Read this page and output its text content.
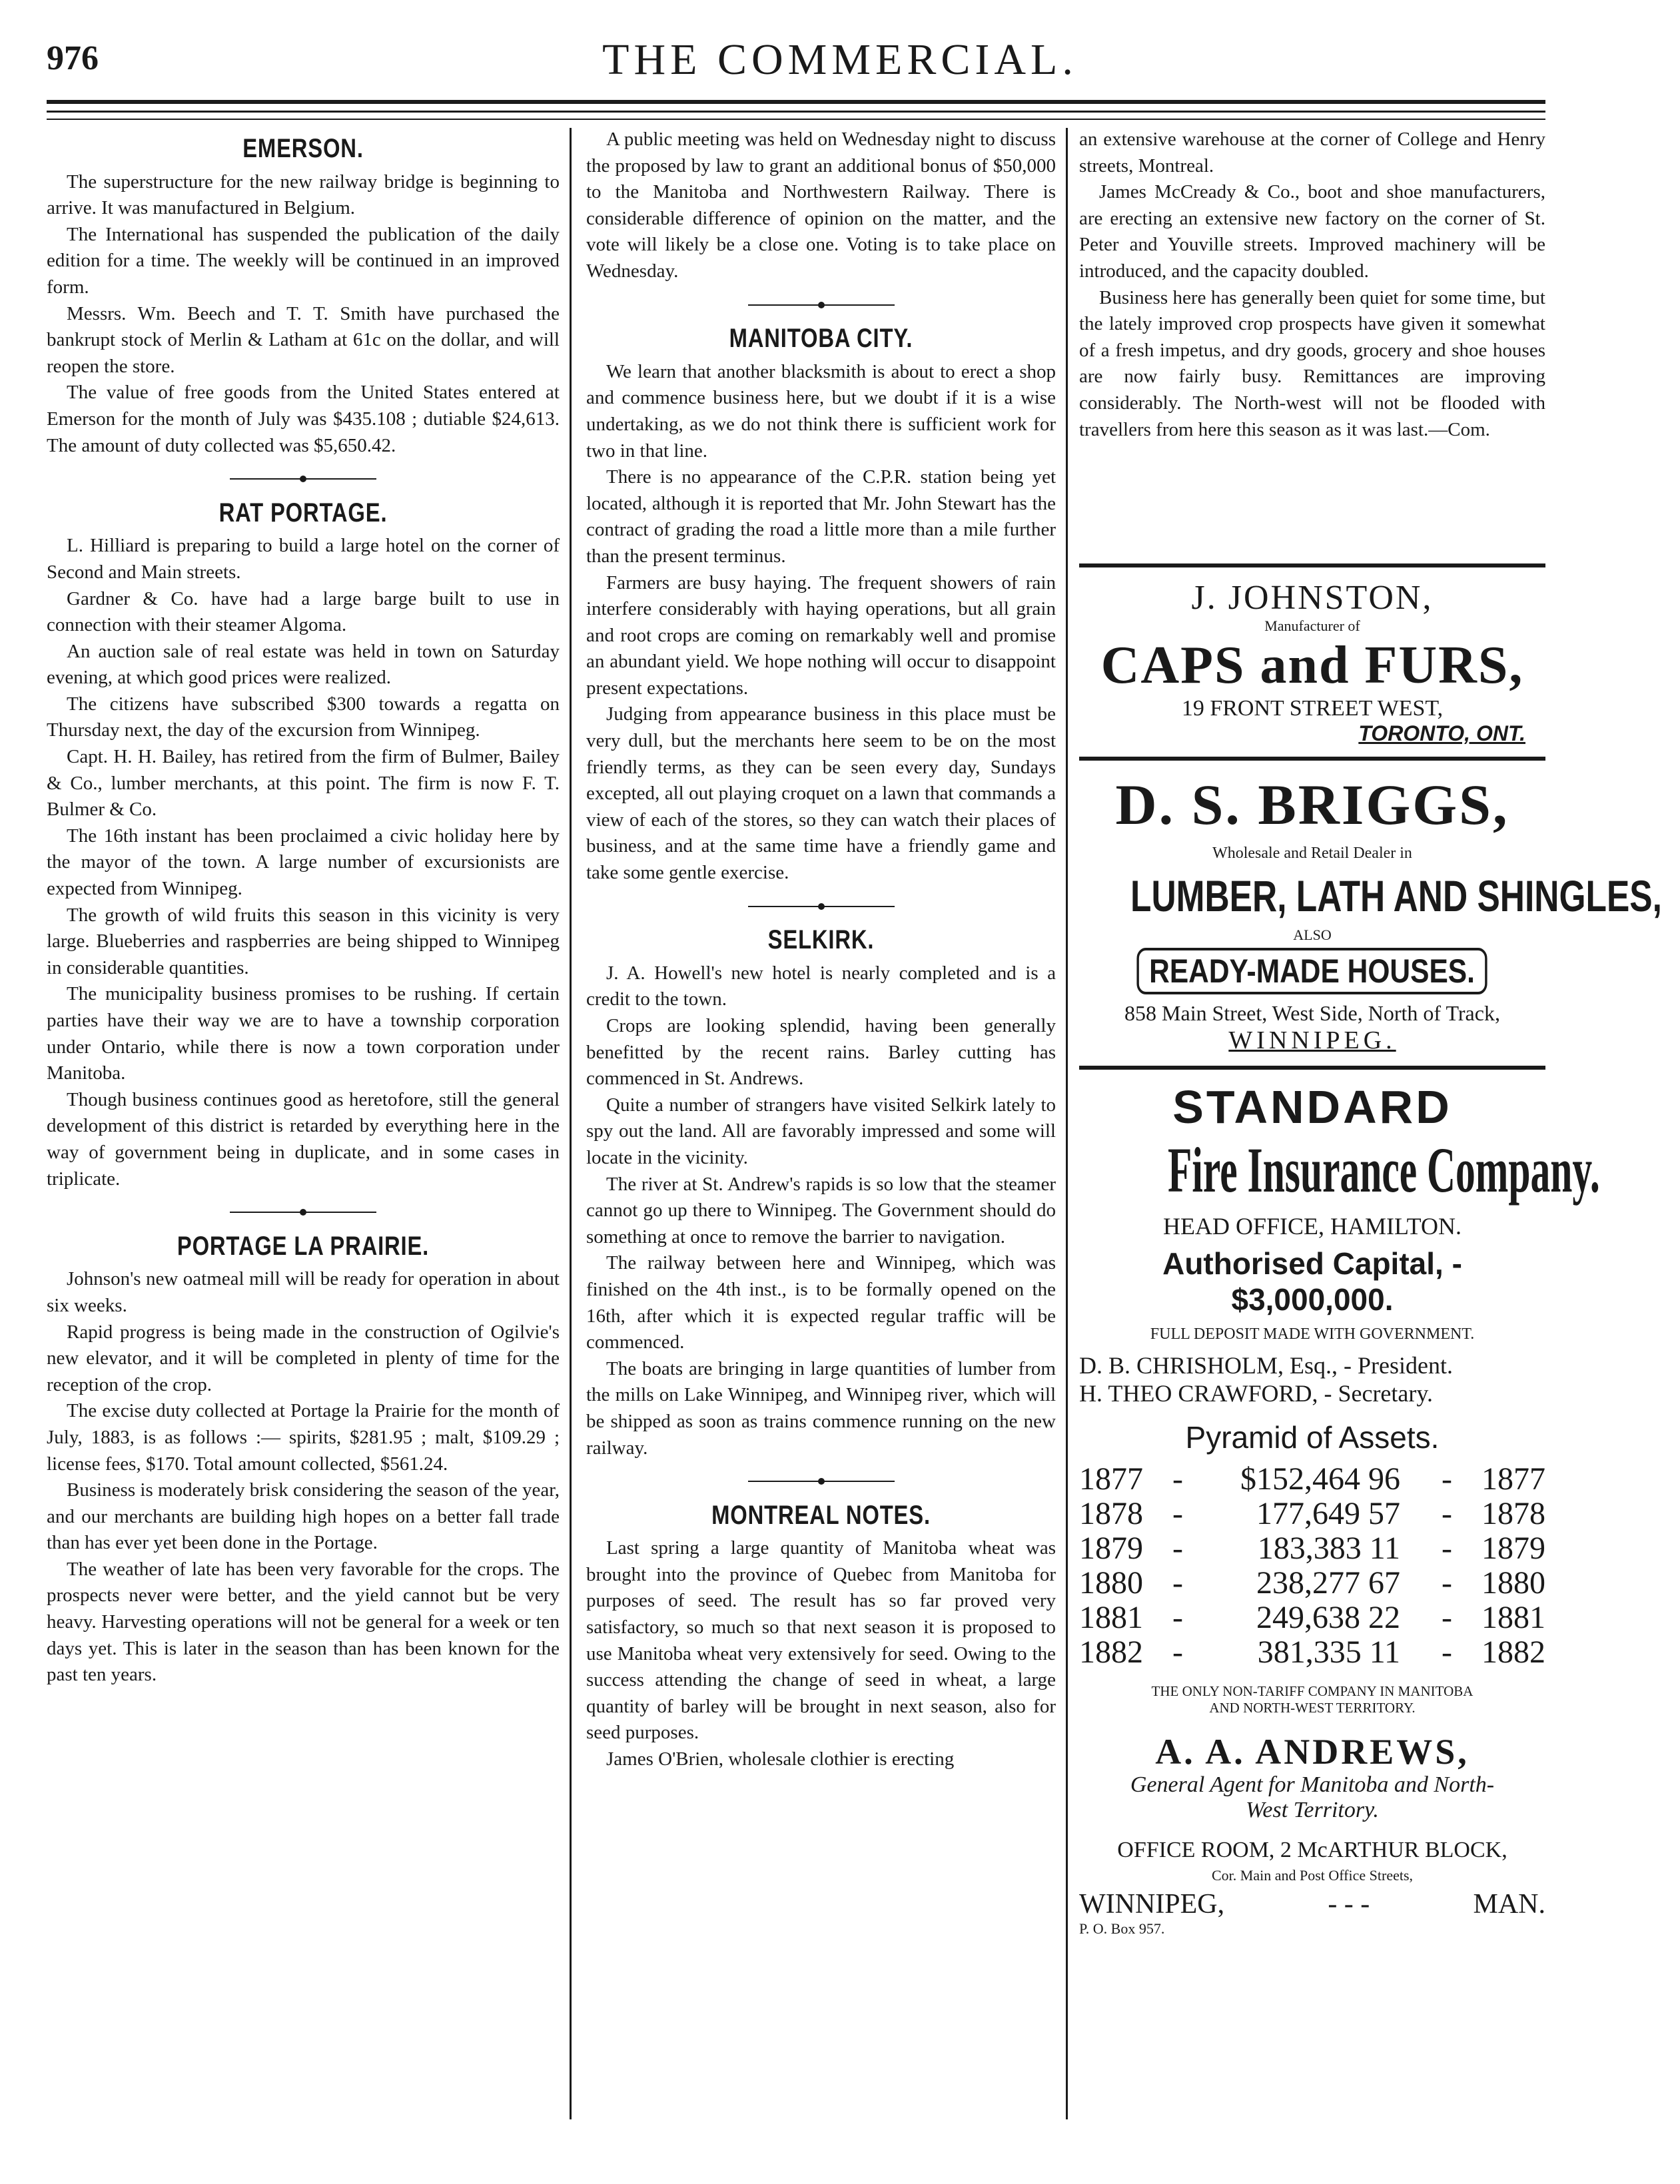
976	THE COMMERCIAL.
EMERSON.

The superstructure for the new railway bridge is beginning to arrive. It was manufactured in Belgium.

The International has suspended the publication of the daily edition for a time. The weekly will be continued in an improved form.

Messrs. Wm. Beech and T. T. Smith have purchased the bankrupt stock of Merlin & Latham at 61c on the dollar, and will reopen the store.

The value of free goods from the United States entered at Emerson for the month of July was $435.108 ; dutiable $24,613. The amount of duty collected was $5,650.42.

RAT PORTAGE.

L. Hilliard is preparing to build a large hotel on the corner of Second and Main streets.

Gardner & Co. have had a large barge built to use in connection with their steamer Algoma.

An auction sale of real estate was held in town on Saturday evening, at which good prices were realized.

The citizens have subscribed $300 towards a regatta on Thursday next, the day of the excursion from Winnipeg.

Capt. H. H. Bailey, has retired from the firm of Bulmer, Bailey & Co., lumber merchants, at this point. The firm is now F. T. Bulmer & Co.

The 16th instant has been proclaimed a civic holiday here by the mayor of the town. A large number of excursionists are expected from Winnipeg.

The growth of wild fruits this season in this vicinity is very large. Blueberries and raspberries are being shipped to Winnipeg in considerable quantities.

The municipality business promises to be rushing. If certain parties have their way we are to have a township corporation under Ontario, while there is now a town corporation under Manitoba.

Though business continues good as heretofore, still the general development of this district is retarded by everything here in the way of government being in duplicate, and in some cases in triplicate.

PORTAGE LA PRAIRIE.

Johnson's new oatmeal mill will be ready for operation in about six weeks.

Rapid progress is being made in the construction of Ogilvie's new elevator, and it will be completed in plenty of time for the reception of the crop.

The excise duty collected at Portage la Prairie for the month of July, 1883, is as follows :— spirits, $281.95 ; malt, $109.29 ; license fees, $170. Total amount collected, $561.24.

Business is moderately brisk considering the season of the year, and our merchants are building high hopes on a better fall trade than has ever yet been done in the Portage.

The weather of late has been very favorable for the crops. The prospects never were better, and the yield cannot but be very heavy. Harvesting operations will not be general for a week or ten days yet. This is later in the season than has been known for the past ten years.

A public meeting was held on Wednesday night to discuss the proposed by law to grant an additional bonus of $50,000 to the Manitoba and Northwestern Railway. There is considerable difference of opinion on the matter, and the vote will likely be a close one. Voting is to take place on Wednesday.

MANITOBA CITY.

We learn that another blacksmith is about to erect a shop and commence business here, but we doubt if it is a wise undertaking, as we do not think there is sufficient work for two in that line.

There is no appearance of the C.P.R. station being yet located, although it is reported that Mr. John Stewart has the contract of grading the road a little more than a mile further than the present terminus.

Farmers are busy haying. The frequent showers of rain interfere considerably with haying operations, but all grain and root crops are coming on remarkably well and promise an abundant yield. We hope nothing will occur to disappoint present expectations.

Judging from appearance business in this place must be very dull, but the merchants here seem to be on the most friendly terms, as they can be seen every day, Sundays excepted, all out playing croquet on a lawn that commands a view of each of the stores, so they can watch their places of business, and at the same time have a friendly game and take some gentle exercise.

SELKIRK.

J. A. Howell's new hotel is nearly completed and is a credit to the town.

Crops are looking splendid, having been generally benefitted by the recent rains. Barley cutting has commenced in St. Andrews.

Quite a number of strangers have visited Selkirk lately to spy out the land. All are favorably impressed and some will locate in the vicinity.

The river at St. Andrew's rapids is so low that the steamer cannot go up there to Winnipeg. The Government should do something at once to remove the barrier to navigation.

The railway between here and Winnipeg, which was finished on the 4th inst., is to be formally opened on the 16th, after which it is expected regular traffic will be commenced.

The boats are bringing in large quantities of lumber from the mills on Lake Winnipeg, and Winnipeg river, which will be shipped as soon as trains commence running on the new railway.

MONTREAL NOTES.

Last spring a large quantity of Manitoba wheat was brought into the province of Quebec from Manitoba for purposes of seed. The result has so far proved very satisfactory, so much so that next season it is proposed to use Manitoba wheat very extensively for seed. Owing to the success attending the change of seed in wheat, a large quantity of barley will be brought in next season, also for seed purposes.

James O'Brien, wholesale clothier is erecting

an extensive warehouse at the corner of College and Henry streets, Montreal.

James McCready & Co., boot and shoe manufacturers, are erecting an extensive new factory on the corner of St. Peter and Youville streets. Improved machinery will be introduced, and the capacity doubled.

Business here has generally been quiet for some time, but the lately improved crop prospects have given it somewhat of a fresh impetus, and dry goods, grocery and shoe houses are now fairly busy. Remittances are improving considerably. The North-west will not be flooded with travellers from here this season as it was last.—Com.

J. JOHNSTON,
Manufacturer of
CAPS and FURS,
19 FRONT STREET WEST,
TORONTO, ONT.
D. S. BRIGGS,
Wholesale and Retail Dealer in
LUMBER, LATH AND SHINGLES,
ALSO
READY-MADE HOUSES.
858 Main Street, West Side, North of Track,
WINNIPEG.
STANDARD
Fire Insurance Company.
HEAD OFFICE, HAMILTON.
Authorised Capital, - $3,000,000.
FULL DEPOSIT MADE WITH GOVERNMENT.
D. B. CHRISHOLM, Esq., - President.
H. THEO CRAWFORD, - Secretary.
Pyramid of Assets.
1877	-	$152,464 96	-	1877
1878	-	177,649 57	-	1878
1879	-	183,383 11	-	1879
1880	-	238,277 67	-	1880
1881	-	249,638 22	-	1881
1882	-	381,335 11	-	1882
THE ONLY NON-TARIFF COMPANY IN MANITOBA
AND NORTH-WEST TERRITORY.
A. A. ANDREWS,
General Agent for Manitoba and North-
West Territory.
OFFICE ROOM, 2 McARTHUR BLOCK,
Cor. Main and Post Office Streets,
WINNIPEG,	- - -	MAN.
P. O. Box 957.
